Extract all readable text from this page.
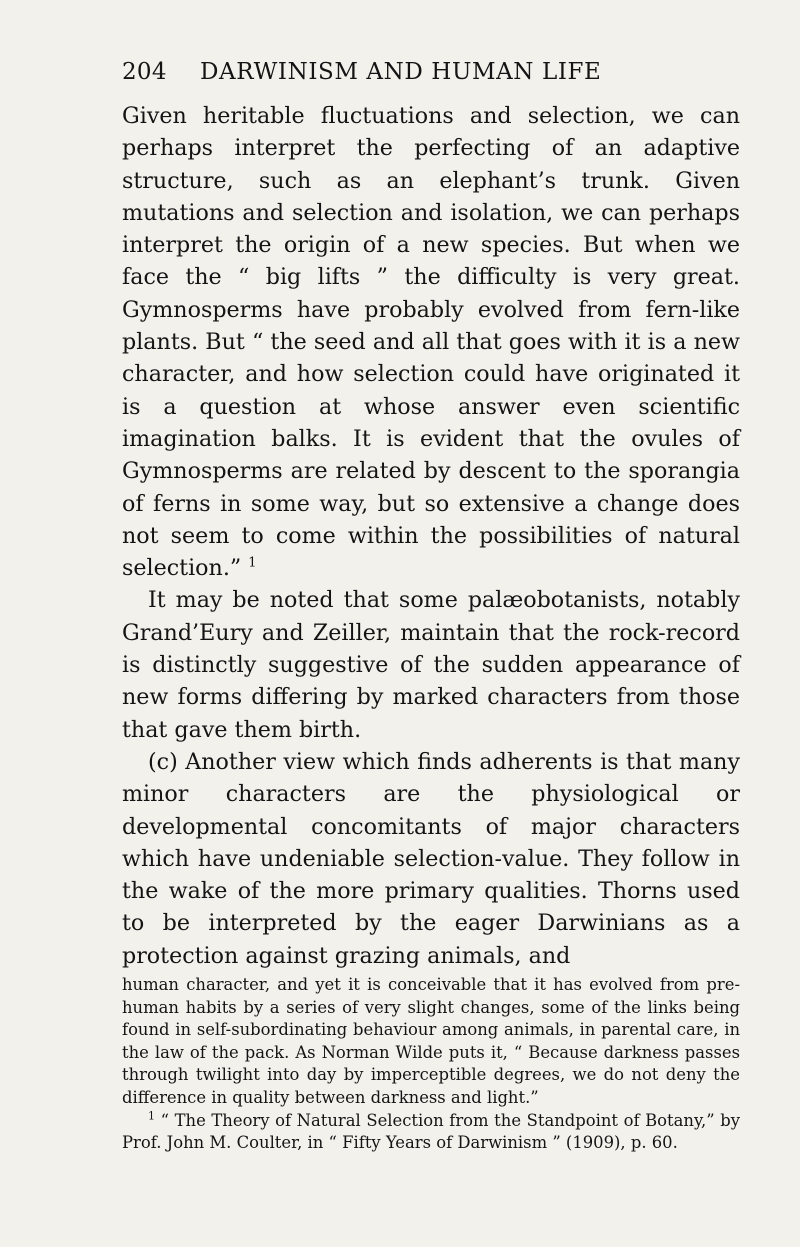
204	DARWINISM AND HUMAN LIFE

Given heritable fluctuations and selection, we can perhaps interpret the perfecting of an adaptive structure, such as an elephant’s trunk. Given mutations and selection and isolation, we can perhaps interpret the origin of a new species. But when we face the “ big lifts ” the difficulty is very great. Gymnosperms have probably evolved from fern-like plants. But “ the seed and all that goes with it is a new character, and how selection could have originated it is a question at whose answer even scientific imagination balks. It is evident that the ovules of Gymnosperms are related by descent to the sporangia of ferns in some way, but so extensive a change does not seem to come within the possibilities of natural selection.” $^1$

It may be noted that some palæobotanists, notably Grand’Eury and Zeiller, maintain that the rock-record is distinctly suggestive of the sudden appearance of new forms differing by marked characters from those that gave them birth.

(c) Another view which finds adherents is that many minor characters are the physiological or developmental concomitants of major characters which have undeniable selection-value. They follow in the wake of the more primary qualities. Thorns used to be interpreted by the eager Darwinians as a protection against grazing animals, and

human character, and yet it is conceivable that it has evolved from pre-human habits by a series of very slight changes, some of the links being found in self-subordinating behaviour among animals, in parental care, in the law of the pack. As Norman Wilde puts it, “ Because darkness passes through twilight into day by imperceptible degrees, we do not deny the difference in quality between darkness and light.”

$^1$ “ The Theory of Natural Selection from the Standpoint of Botany,” by Prof. John M. Coulter, in “ Fifty Years of Darwinism ” (1909), p. 60.
